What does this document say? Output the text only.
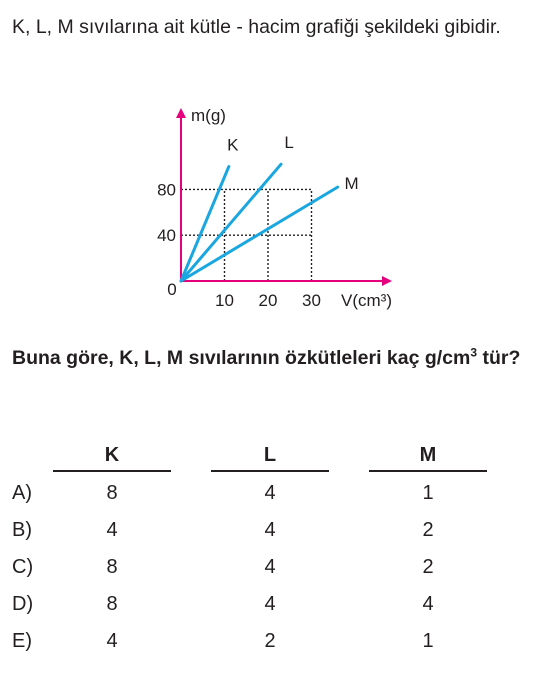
K, L, M sıvılarına ait kütle - hacim grafiği şekildeki gibidir.
K	L
M
10 20 30
40
80
0
V(cm³)
m(g)
Buna göre, K, L, M sıvılarının özkütleleri kaç $g/cm^3$ tür?
K	L	M
A)	8	4	1
B)	4	4	2
C)	8	4	2
D)	8	4	4
E)	4	2	1
